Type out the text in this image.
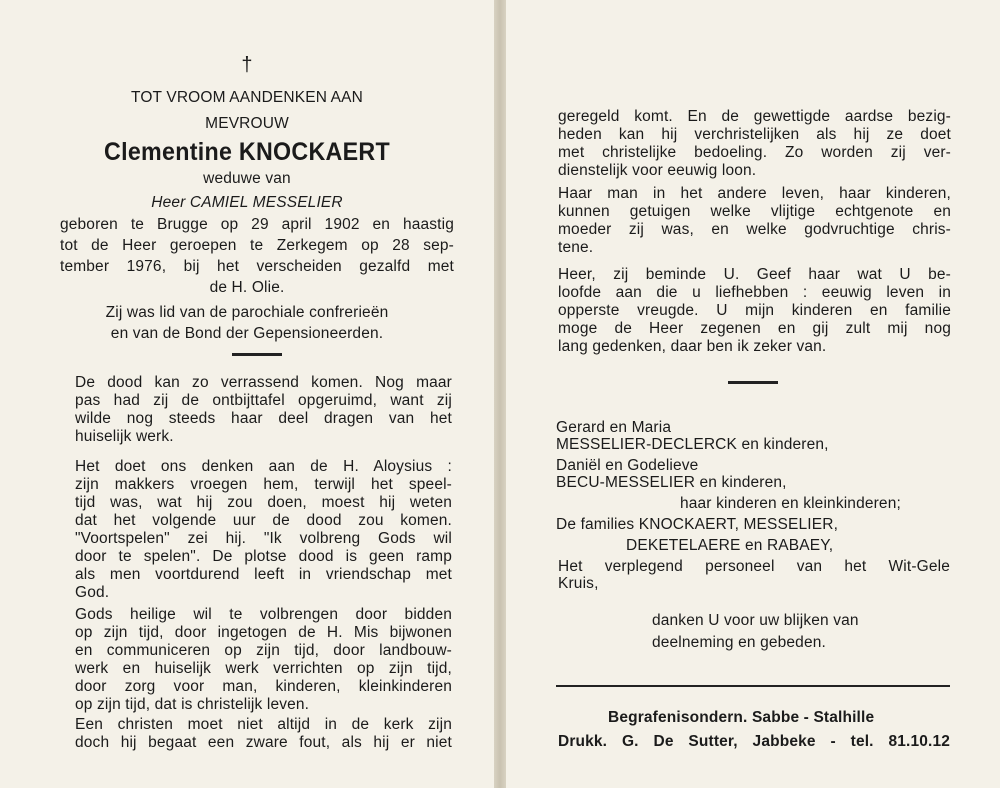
†
TOT VROOM AANDENKEN AAN
MEVROUW
Clementine KNOCKAERT
weduwe van
Heer CAMIEL MESSELIER
geboren te Brugge op 29 april 1902 en haastig
tot de Heer geroepen te Zerkegem op 28 sep-
tember 1976, bij het verscheiden gezalfd met
de H. Olie.
Zij was lid van de parochiale confrerieën
en van de Bond der Gepensioneerden.
De dood kan zo verrassend komen. Nog maar
pas had zij de ontbijttafel opgeruimd, want zij
wilde nog steeds haar deel dragen van het
huiselijk werk.
Het doet ons denken aan de H. Aloysius :
zijn makkers vroegen hem, terwijl het speel-
tijd was, wat hij zou doen, moest hij weten
dat het volgende uur de dood zou komen.
"Voortspelen" zei hij. "Ik volbreng Gods wil
door te spelen". De plotse dood is geen ramp
als men voortdurend leeft in vriendschap met
God.
Gods heilige wil te volbrengen door bidden
op zijn tijd, door ingetogen de H. Mis bijwonen
en communiceren op zijn tijd, door landbouw-
werk en huiselijk werk verrichten op zijn tijd,
door zorg voor man, kinderen, kleinkinderen
op zijn tijd, dat is christelijk leven.
Een christen moet niet altijd in de kerk zijn
doch hij begaat een zware fout, als hij er niet
geregeld komt. En de gewettigde aardse bezig-
heden kan hij verchristelijken als hij ze doet
met christelijke bedoeling. Zo worden zij ver-
dienstelijk voor eeuwig loon.
Haar man in het andere leven, haar kinderen,
kunnen getuigen welke vlijtige echtgenote en
moeder zij was, en welke godvruchtige chris-
tene.
Heer, zij beminde U. Geef haar wat U be-
loofde aan die u liefhebben : eeuwig leven in
opperste vreugde. U mijn kinderen en familie
moge de Heer zegenen en gij zult mij nog
lang gedenken, daar ben ik zeker van.
Gerard en Maria
MESSELIER-DECLERCK en kinderen,
Daniël en Godelieve
BECU-MESSELIER en kinderen,
haar kinderen en kleinkinderen;
De families KNOCKAERT, MESSELIER,
DEKETELAERE en RABAEY,
Het verplegend personeel van het Wit-Gele
Kruis,
danken U voor uw blijken van
deelneming en gebeden.
Begrafenisondern. Sabbe - Stalhille
Drukk. G. De Sutter, Jabbeke - tel. 81.10.12
